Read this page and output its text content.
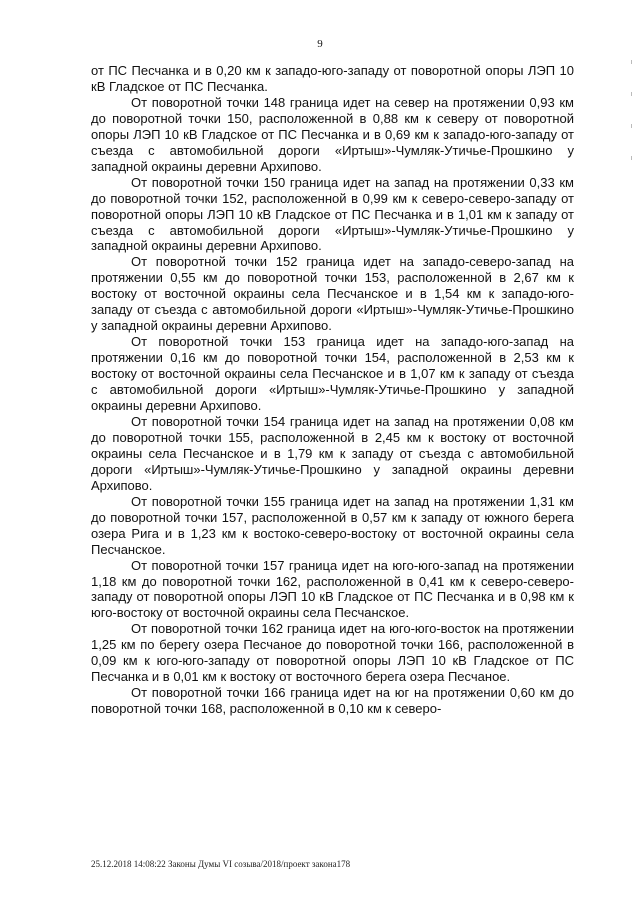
9

от ПС Песчанка и в 0,20 км к западо-юго-западу от поворотной опоры ЛЭП 10 кВ Гладское от ПС Песчанка.

От поворотной точки 148 граница идет на север на протяжении 0,93 км до поворотной точки 150, расположенной в 0,88 км к северу от поворотной опоры ЛЭП 10 кВ Гладское от ПС Песчанка и в 0,69 км к западо-юго-западу от съезда с автомобильной дороги «Иртыш»-Чумляк-Утичье-Прошкино у западной окраины деревни Архипово.

От поворотной точки 150 граница идет на запад на протяжении 0,33 км до поворотной точки 152, расположенной в 0,99 км к северо-северо-западу от поворотной опоры ЛЭП 10 кВ Гладское от ПС Песчанка и в 1,01 км к западу от съезда с автомобильной дороги «Иртыш»-Чумляк-Утичье-Прошкино у западной окраины деревни Архипово.

От поворотной точки 152 граница идет на западо-северо-запад на протяжении 0,55 км до поворотной точки 153, расположенной в 2,67 км к востоку от восточной окраины села Песчанское и в 1,54 км к западо-юго-западу от съезда с автомобильной дороги «Иртыш»-Чумляк-Утичье-Прошкино у западной окраины деревни Архипово.

От поворотной точки 153 граница идет на западо-юго-запад на протяжении 0,16 км до поворотной точки 154, расположенной в 2,53 км к востоку от восточной окраины села Песчанское и в 1,07 км к западу от съезда с автомобильной дороги «Иртыш»-Чумляк-Утичье-Прошкино у западной окраины деревни Архипово.

От поворотной точки 154 граница идет на запад на протяжении 0,08 км до поворотной точки 155, расположенной в 2,45 км к востоку от восточной окраины села Песчанское и в 1,79 км к западу от съезда с автомобильной дороги «Иртыш»-Чумляк-Утичье-Прошкино у западной окраины деревни Архипово.

От поворотной точки 155 граница идет на запад на протяжении 1,31 км до поворотной точки 157, расположенной в 0,57 км к западу от южного берега озера Рига и в 1,23 км к востоко-северо-востоку от восточной окраины села Песчанское.

От поворотной точки 157 граница идет на юго-юго-запад на протяжении 1,18 км до поворотной точки 162, расположенной в 0,41 км к северо-северо-западу от поворотной опоры ЛЭП 10 кВ Гладское от ПС Песчанка и в 0,98 км к юго-востоку от восточной окраины села Песчанское.

От поворотной точки 162 граница идет на юго-юго-восток на протяжении 1,25 км по берегу озера Песчаное до поворотной точки 166, расположенной в 0,09 км к юго-юго-западу от поворотной опоры ЛЭП 10 кВ Гладское от ПС Песчанка и в 0,01 км к востоку от восточного берега озера Песчаное.

От поворотной точки 166 граница идет на юг на протяжении 0,60 км до поворотной точки 168, расположенной в 0,10 км к северо-

25.12.2018 14:08:22 Законы Думы VI созыва/2018/проект закона178
